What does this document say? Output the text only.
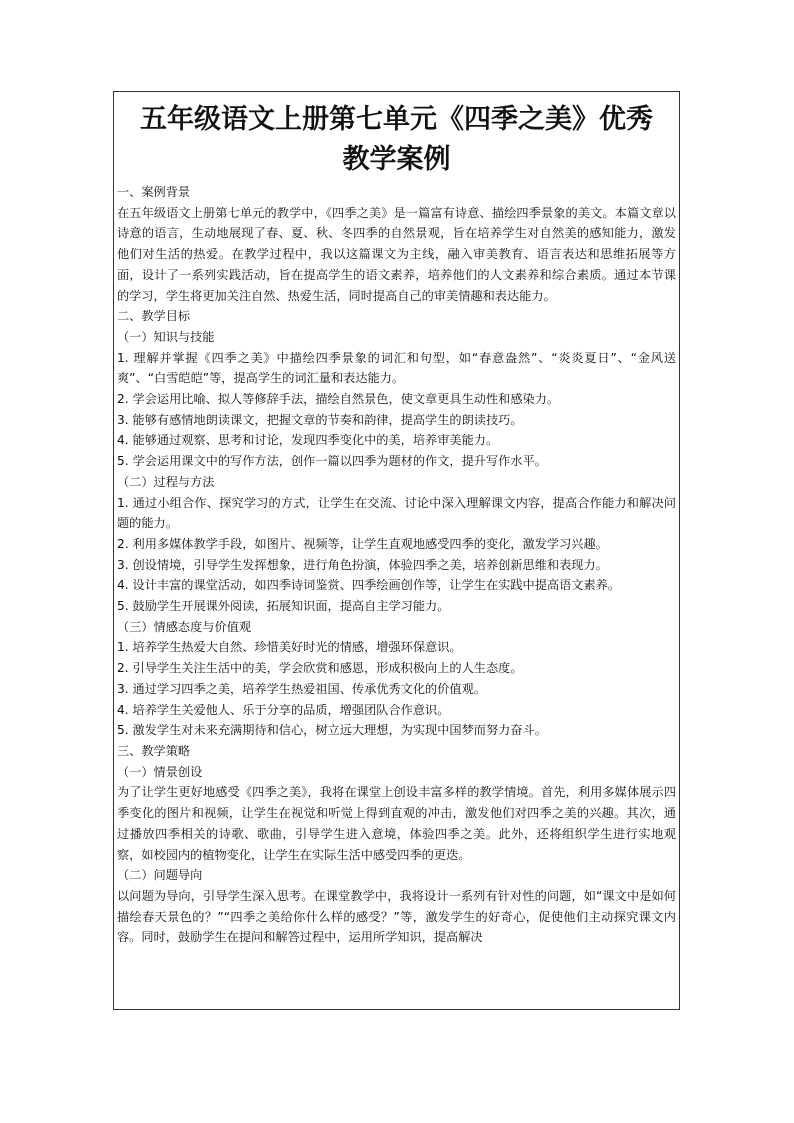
五年级语文上册第七单元《四季之美》优秀
教学案例
一、案例背景
在五年级语文上册第七单元的教学中，《四季之美》是一篇富有诗意、描绘四季景象的美文。本篇文章以诗意的语言，生动地展现了春、夏、秋、冬四季的自然景观，旨在培养学生对自然美的感知能力，激发他们对生活的热爱。在教学过程中，我以这篇课文为主线，融入审美教育、语言表达和思维拓展等方面，设计了一系列实践活动，旨在提高学生的语文素养，培养他们的人文素养和综合素质。通过本节课的学习，学生将更加关注自然、热爱生活，同时提高自己的审美情趣和表达能力。
二、教学目标
（一）知识与技能
1. 理解并掌握《四季之美》中描绘四季景象的词汇和句型，如“春意盎然”、“炎炎夏日”、“金风送爽”、“白雪皑皑”等，提高学生的词汇量和表达能力。
2. 学会运用比喻、拟人等修辞手法，描绘自然景色，使文章更具生动性和感染力。
3. 能够有感情地朗读课文，把握文章的节奏和韵律，提高学生的朗读技巧。
4. 能够通过观察、思考和讨论，发现四季变化中的美，培养审美能力。
5. 学会运用课文中的写作方法，创作一篇以四季为题材的作文，提升写作水平。
（二）过程与方法
1. 通过小组合作、探究学习的方式，让学生在交流、讨论中深入理解课文内容，提高合作能力和解决问题的能力。
2. 利用多媒体教学手段，如图片、视频等，让学生直观地感受四季的变化，激发学习兴趣。
3. 创设情境，引导学生发挥想象，进行角色扮演，体验四季之美，培养创新思维和表现力。
4. 设计丰富的课堂活动，如四季诗词鉴赏、四季绘画创作等，让学生在实践中提高语文素养。
5. 鼓励学生开展课外阅读，拓展知识面，提高自主学习能力。
（三）情感态度与价值观
1. 培养学生热爱大自然、珍惜美好时光的情感，增强环保意识。
2. 引导学生关注生活中的美，学会欣赏和感恩，形成积极向上的人生态度。
3. 通过学习四季之美，培养学生热爱祖国、传承优秀文化的价值观。
4. 培养学生关爱他人、乐于分享的品质，增强团队合作意识。
5. 激发学生对未来充满期待和信心，树立远大理想，为实现中国梦而努力奋斗。
三、教学策略
（一）情景创设
为了让学生更好地感受《四季之美》，我将在课堂上创设丰富多样的教学情境。首先，利用多媒体展示四季变化的图片和视频，让学生在视觉和听觉上得到直观的冲击，激发他们对四季之美的兴趣。其次，通过播放四季相关的诗歌、歌曲，引导学生进入意境，体验四季之美。此外，还将组织学生进行实地观察，如校园内的植物变化，让学生在实际生活中感受四季的更迭。
（二）问题导向
以问题为导向，引导学生深入思考。在课堂教学中，我将设计一系列有针对性的问题，如“课文中是如何描绘春天景色的？”“四季之美给你什么样的感受？”等，激发学生的好奇心，促使他们主动探究课文内容。同时，鼓励学生在提问和解答过程中，运用所学知识，提高解决
